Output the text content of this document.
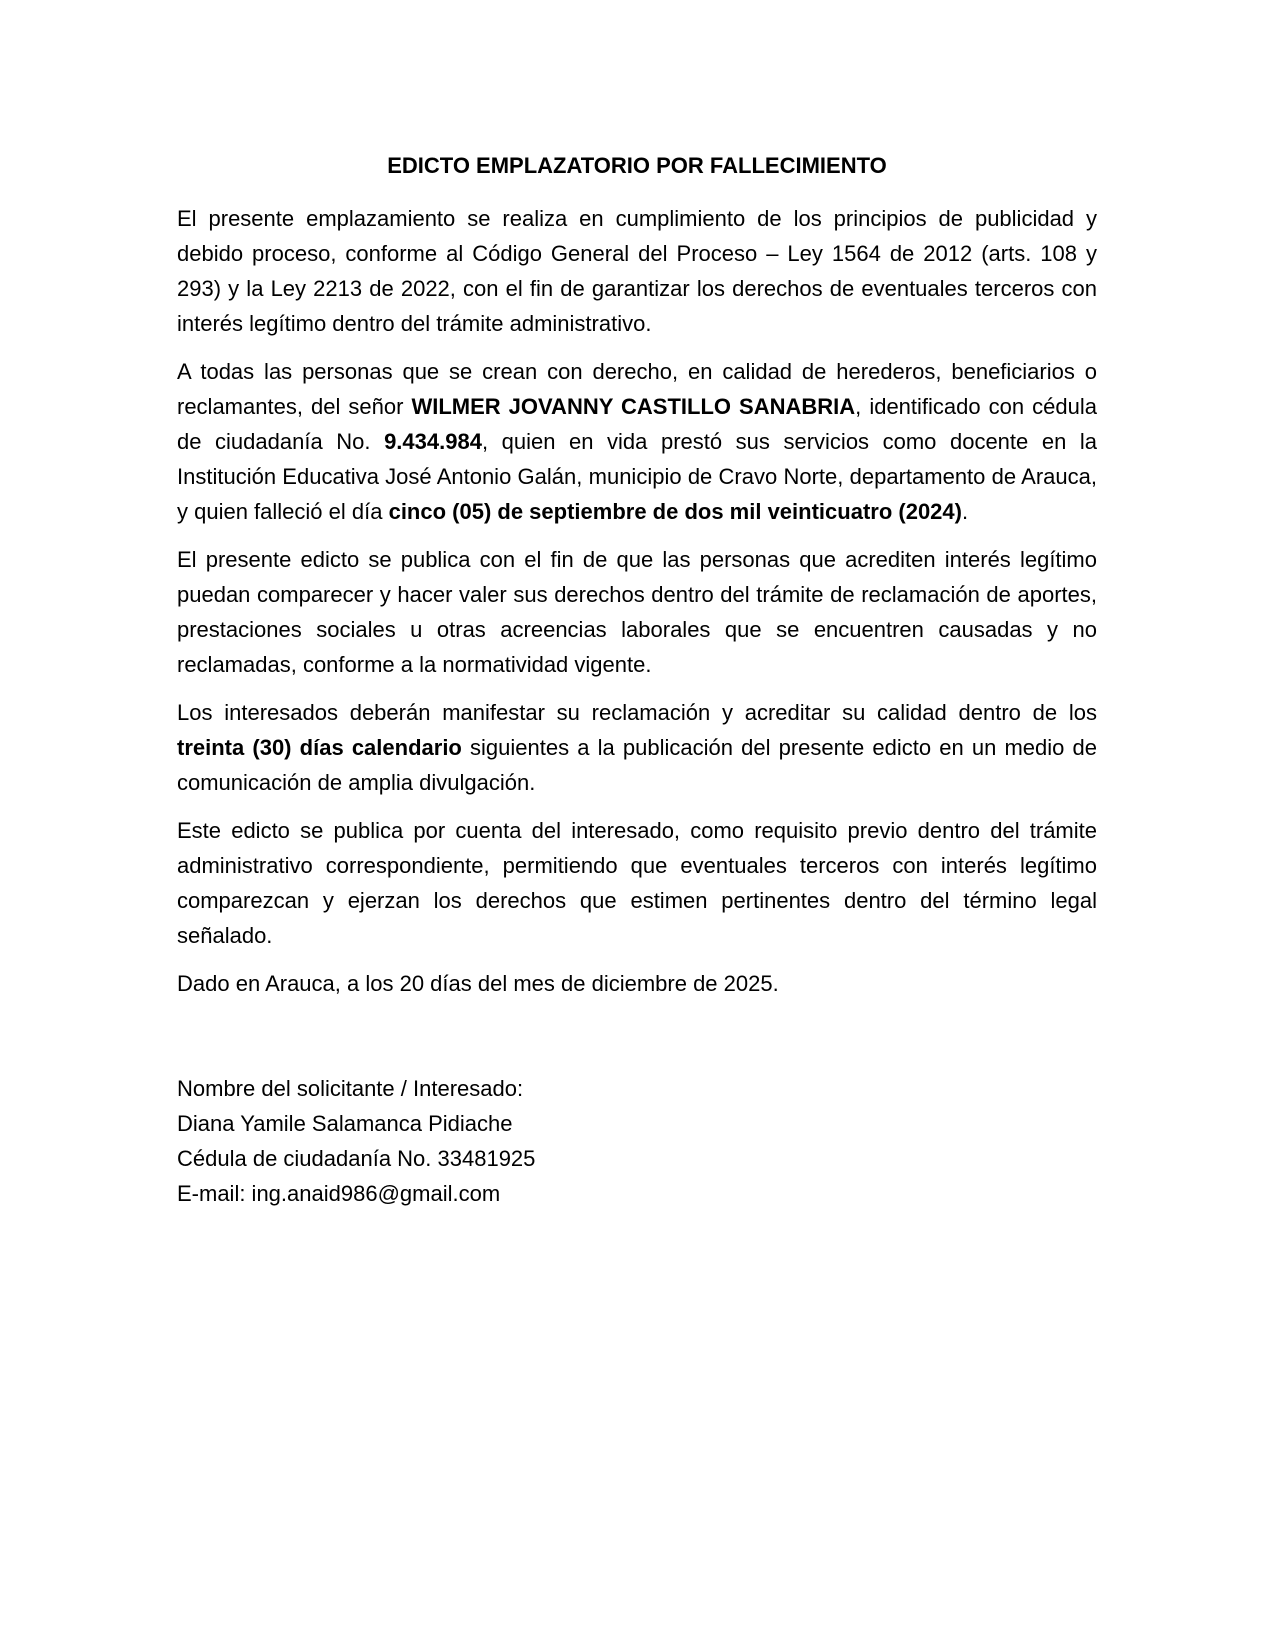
EDICTO EMPLAZATORIO POR FALLECIMIENTO

El presente emplazamiento se realiza en cumplimiento de los principios de publicidad y debido proceso, conforme al Código General del Proceso – Ley 1564 de 2012 (arts. 108 y 293) y la Ley 2213 de 2022, con el fin de garantizar los derechos de eventuales terceros con interés legítimo dentro del trámite administrativo.

A todas las personas que se crean con derecho, en calidad de herederos, beneficiarios o reclamantes, del señor WILMER JOVANNY CASTILLO SANABRIA, identificado con cédula de ciudadanía No. 9.434.984, quien en vida prestó sus servicios como docente en la Institución Educativa José Antonio Galán, municipio de Cravo Norte, departamento de Arauca, y quien falleció el día cinco (05) de septiembre de dos mil veinticuatro (2024).

El presente edicto se publica con el fin de que las personas que acrediten interés legítimo puedan comparecer y hacer valer sus derechos dentro del trámite de reclamación de aportes, prestaciones sociales u otras acreencias laborales que se encuentren causadas y no reclamadas, conforme a la normatividad vigente.

Los interesados deberán manifestar su reclamación y acreditar su calidad dentro de los treinta (30) días calendario siguientes a la publicación del presente edicto en un medio de comunicación de amplia divulgación.

Este edicto se publica por cuenta del interesado, como requisito previo dentro del trámite administrativo correspondiente, permitiendo que eventuales terceros con interés legítimo comparezcan y ejerzan los derechos que estimen pertinentes dentro del término legal señalado.

Dado en Arauca, a los 20 días del mes de diciembre de 2025.

Nombre del solicitante / Interesado:
Diana Yamile Salamanca Pidiache
Cédula de ciudadanía No. 33481925
E-mail: ing.anaid986@gmail.com
